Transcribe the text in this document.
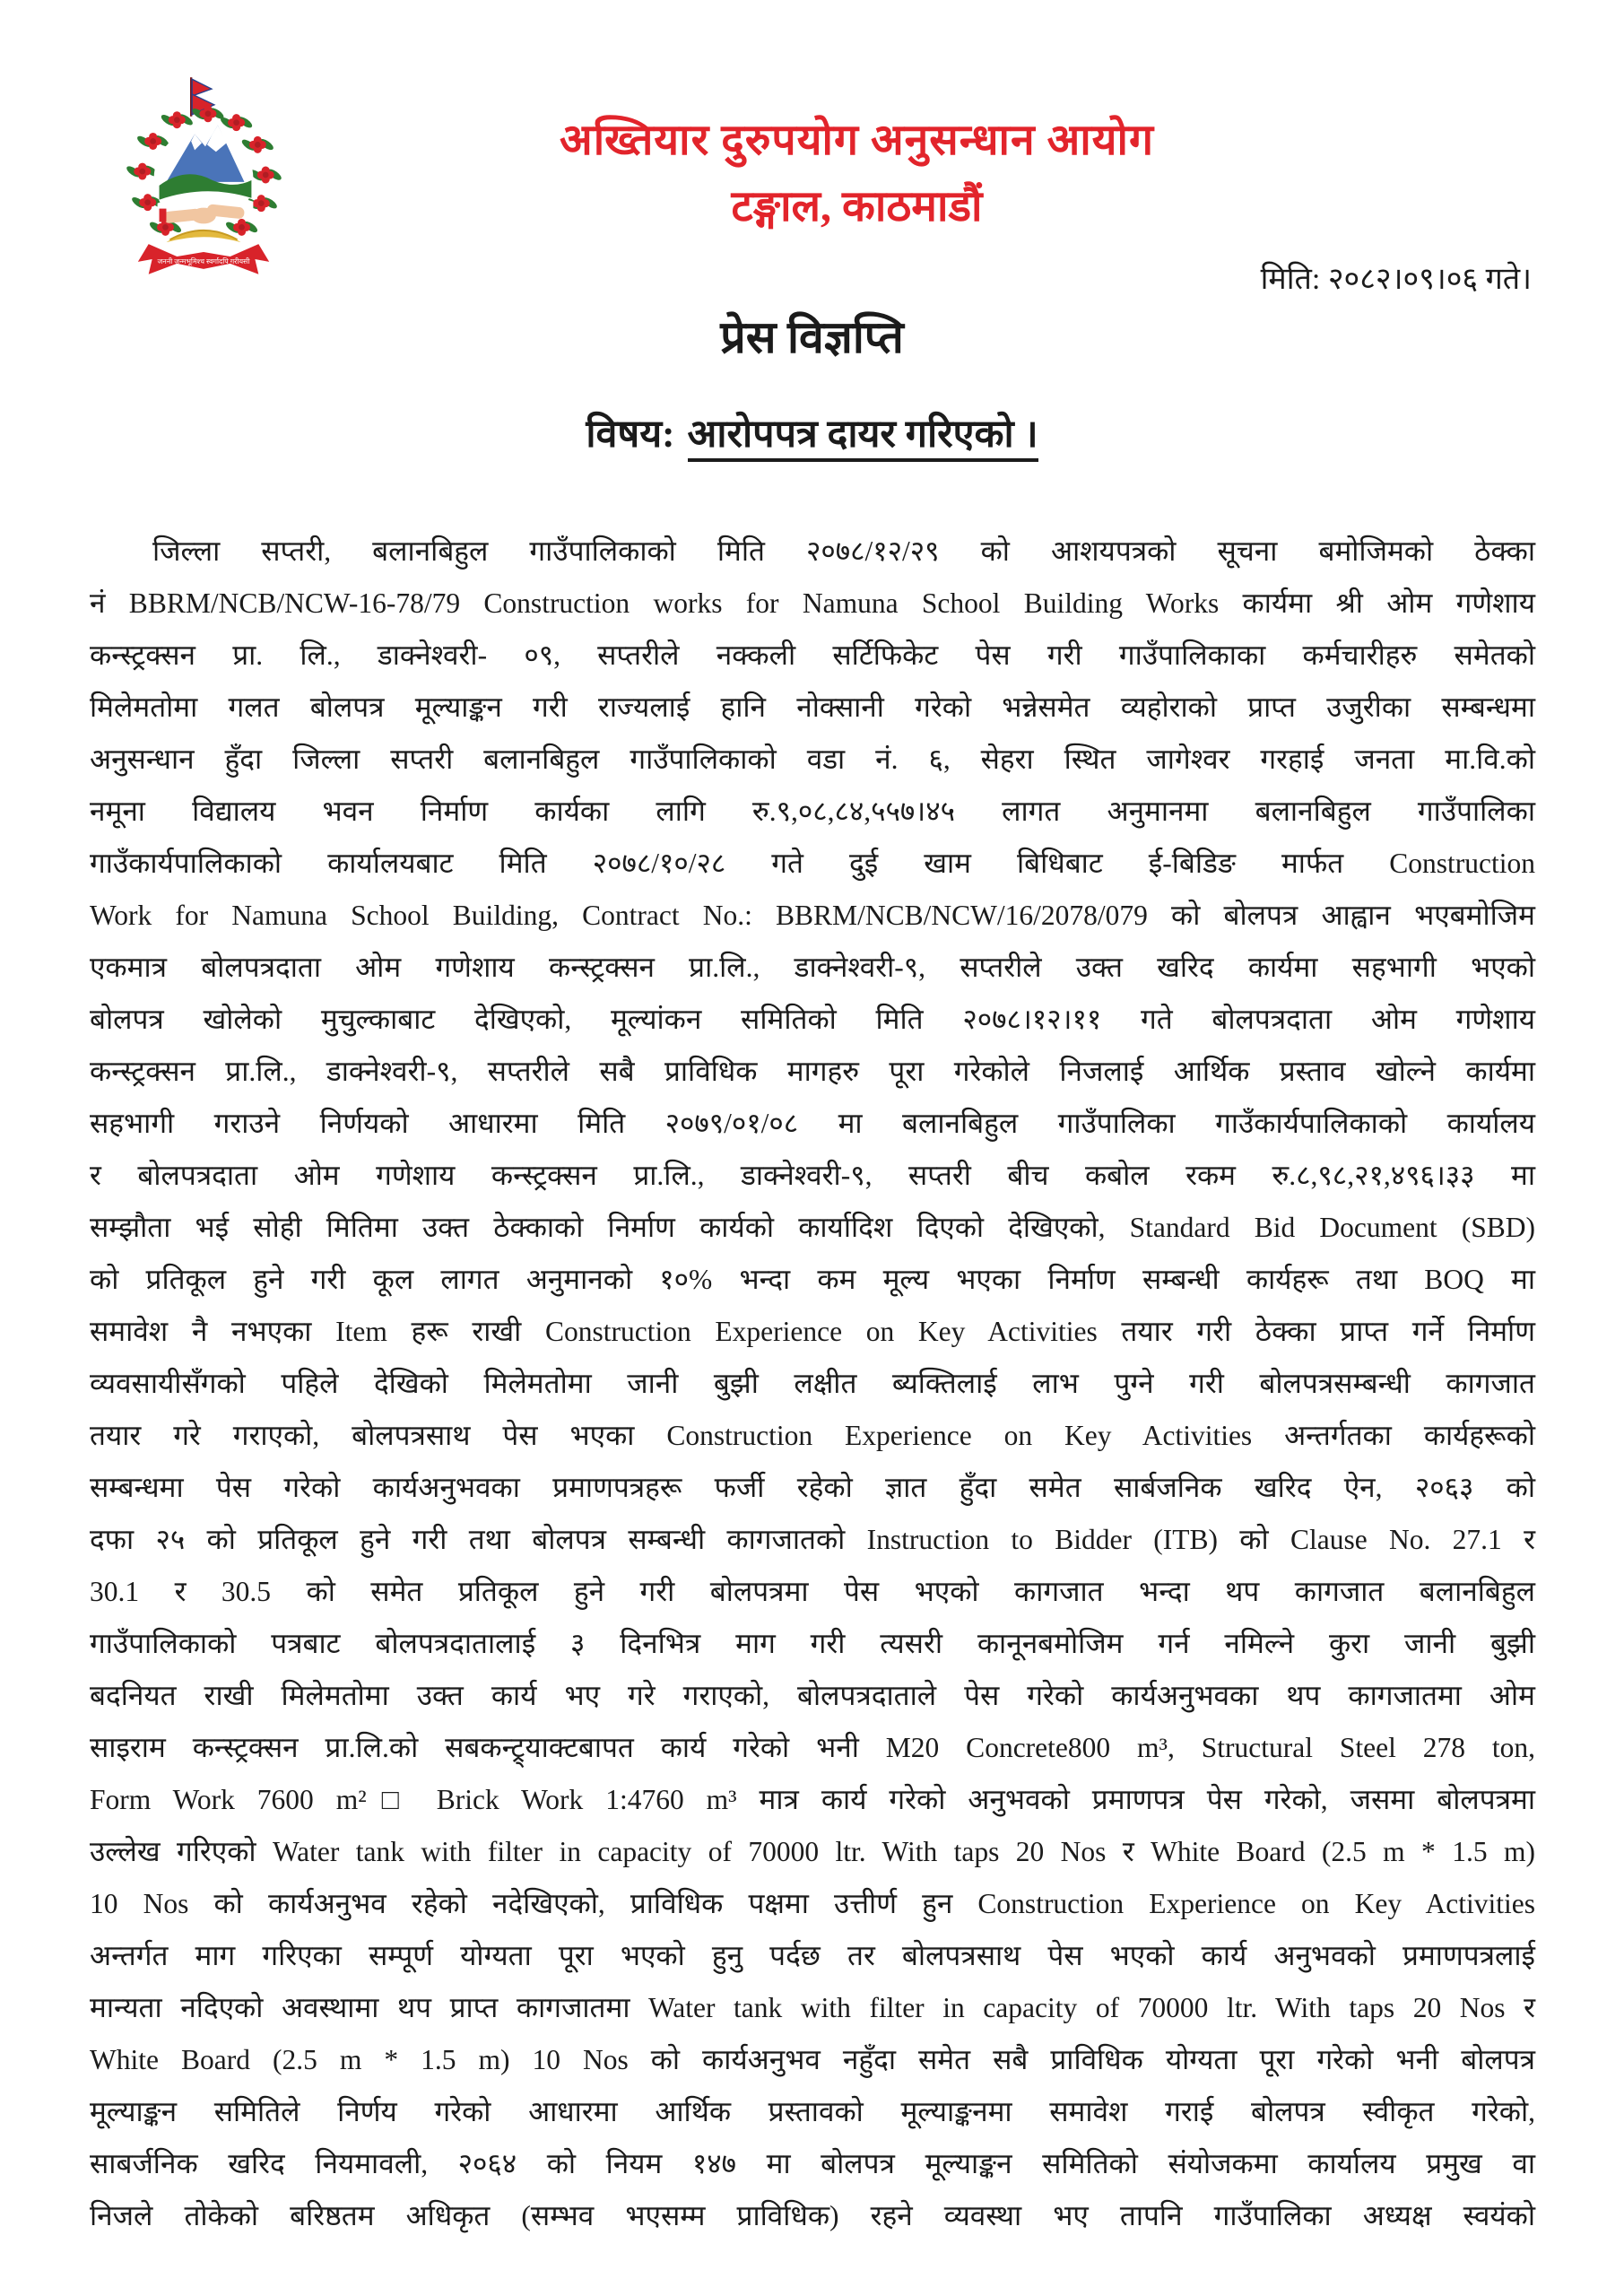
जननी जन्मभूमिश्च स्वर्गादपि गरीयसी
अख्तियार दुरुपयोग अनुसन्धान आयोग
टङ्गाल, काठमाडौं
मिति: २०८२।०९।०६ गते।
प्रेस विज्ञप्ति
विषय: आरोपपत्र दायर गरिएको ।
जिल्ला सप्तरी, बलानबिहुल गाउँपालिकाको मिति २०७८/१२/२९ को आशयपत्रको सूचना बमोजिमको ठेक्का
नं BBRM/NCB/NCW-16-78/79 Construction works for Namuna School Building Works कार्यमा श्री ओम गणेशाय
कन्स्ट्रक्सन प्रा. लि., डाक्नेश्वरी- ०९, सप्तरीले नक्कली सर्टिफिकेट पेस गरी गाउँपालिकाका कर्मचारीहरु समेतको
मिलेमतोमा गलत बोलपत्र मूल्याङ्कन गरी राज्यलाई हानि नोक्सानी गरेको भन्नेसमेत व्यहोराको प्राप्त उजुरीका सम्बन्धमा
अनुसन्धान हुँदा जिल्ला सप्तरी बलानबिहुल गाउँपालिकाको वडा नं. ६, सेहरा स्थित जागेश्वर गरहाई जनता मा.वि.को
नमूना विद्यालय भवन निर्माण कार्यका लागि रु.९,०८,८४,५५७।४५ लागत अनुमानमा बलानबिहुल गाउँपालिका
गाउँकार्यपालिकाको कार्यालयबाट मिति २०७८/१०/२८ गते दुई खाम बिधिबाट ई-बिडिङ मार्फत Construction
Work for Namuna School Building, Contract No.: BBRM/NCB/NCW/16/2078/079 को बोलपत्र आह्वान भएबमोजिम
एकमात्र बोलपत्रदाता ओम गणेशाय कन्स्ट्रक्सन प्रा.लि., डाक्नेश्वरी-९, सप्तरीले उक्त खरिद कार्यमा सहभागी भएको
बोलपत्र खोलेको मुचुल्काबाट देखिएको, मूल्यांकन समितिको मिति २०७८।१२।११ गते बोलपत्रदाता ओम गणेशाय
कन्स्ट्रक्सन प्रा.लि., डाक्नेश्वरी-९, सप्तरीले सबै प्राविधिक मागहरु पूरा गरेकोले निजलाई आर्थिक प्रस्ताव खोल्ने कार्यमा
सहभागी गराउने निर्णयको आधारमा मिति २०७९/०१/०८ मा बलानबिहुल गाउँपालिका गाउँकार्यपालिकाको कार्यालय
र बोलपत्रदाता ओम गणेशाय कन्स्ट्रक्सन प्रा.लि., डाक्नेश्वरी-९, सप्तरी बीच कबोल रकम रु.८,९८,२१,४९६।३३ मा
सम्झौता भई सोही मितिमा उक्त ठेक्काको निर्माण कार्यको कार्यादिश दिएको देखिएको, Standard Bid Document (SBD)
को प्रतिकूल हुने गरी कूल लागत अनुमानको १०% भन्दा कम मूल्य भएका निर्माण सम्बन्धी कार्यहरू तथा BOQ मा
समावेश नै नभएका Item हरू राखी Construction Experience on Key Activities तयार गरी ठेक्का प्राप्त गर्ने निर्माण
व्यवसायीसँगको पहिले देखिको मिलेमतोमा जानी बुझी लक्षीत ब्यक्तिलाई लाभ पुग्ने गरी बोलपत्रसम्बन्धी कागजात
तयार गरे गराएको, बोलपत्रसाथ पेस भएका Construction Experience on Key Activities अन्तर्गतका कार्यहरूको
सम्बन्धमा पेस गरेको कार्यअनुभवका प्रमाणपत्रहरू फर्जी रहेको ज्ञात हुँदा समेत सार्बजनिक खरिद ऐन, २०६३ को
दफा २५ को प्रतिकूल हुने गरी तथा बोलपत्र सम्बन्धी कागजातको Instruction to Bidder (ITB) को Clause No. 27.1 र
30.1 र 30.5 को समेत प्रतिकूल हुने गरी बोलपत्रमा पेस भएको कागजात भन्दा थप कागजात बलानबिहुल
गाउँपालिकाको पत्रबाट बोलपत्रदातालाई ३ दिनभित्र माग गरी त्यसरी कानूनबमोजिम गर्न नमिल्ने कुरा जानी बुझी
बदनियत राखी मिलेमतोमा उक्त कार्य भए गरे गराएको, बोलपत्रदाताले पेस गरेको कार्यअनुभवका थप कागजातमा ओम
साइराम कन्स्ट्रक्सन प्रा.लि.को सबकन्ट्र्याक्टबापत कार्य गरेको भनी M20 Concrete800 m³, Structural Steel 278 ton,
Form Work 7600 m²□ Brick Work 1:4760 m³ मात्र कार्य गरेको अनुभवको प्रमाणपत्र पेस गरेको, जसमा बोलपत्रमा
उल्लेख गरिएको Water tank with filter in capacity of 70000 ltr. With taps 20 Nos र White Board (2.5 m * 1.5 m)
10 Nos को कार्यअनुभव रहेको नदेखिएको, प्राविधिक पक्षमा उत्तीर्ण हुन Construction Experience on Key Activities
अन्तर्गत माग गरिएका सम्पूर्ण योग्यता पूरा भएको हुनु पर्दछ तर बोलपत्रसाथ पेस भएको कार्य अनुभवको प्रमाणपत्रलाई
मान्यता नदिएको अवस्थामा थप प्राप्त कागजातमा Water tank with filter in capacity of 70000 ltr. With taps 20 Nos र
White Board (2.5 m * 1.5 m) 10 Nos को कार्यअनुभव नहुँदा समेत सबै प्राविधिक योग्यता पूरा गरेको भनी बोलपत्र
मूल्याङ्कन समितिले निर्णय गरेको आधारमा आर्थिक प्रस्तावको मूल्याङ्कनमा समावेश गराई बोलपत्र स्वीकृत गरेको,
साबर्जनिक खरिद नियमावली, २०६४ को नियम १४७ मा बोलपत्र मूल्याङ्कन समितिको संयोजकमा कार्यालय प्रमुख वा
निजले तोकेको बरिष्ठतम अधिकृत (सम्भव भएसम्म प्राविधिक) रहने व्यवस्था भए तापनि गाउँपालिका अध्यक्ष स्वयंको
